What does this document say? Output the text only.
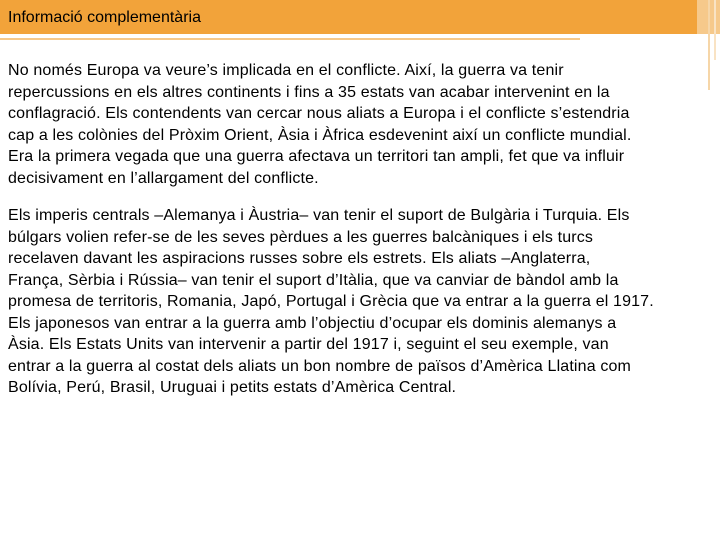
Informació complementària

No només Europa va veure’s implicada en el conflicte. Així, la guerra va tenir
repercussions en els altres continents i fins a 35 estats van acabar intervenint en la
conflagració. Els contendents van cercar nous aliats a Europa i el conflicte s’estendria
cap a les colònies del Pròxim Orient, Àsia i Àfrica esdevenint així un conflicte mundial.
Era la primera vegada que una guerra afectava un territori tan ampli, fet que va influir
decisivament en l’allargament del conflicte.

Els imperis centrals –Alemanya i Àustria– van tenir el suport de Bulgària i Turquia. Els
búlgars volien refer-se de les seves pèrdues a les guerres balcàniques i els turcs
recelaven davant les aspiracions russes sobre els estrets. Els aliats –Anglaterra,
França, Sèrbia i Rússia– van tenir el suport d’Itàlia, que va canviar de bàndol amb la
promesa de territoris, Romania, Japó, Portugal i Grècia que va entrar a la guerra el 1917.
Els japonesos van entrar a la guerra amb l’objectiu d’ocupar els dominis alemanys a
Àsia. Els Estats Units van intervenir a partir del 1917 i, seguint el seu exemple, van
entrar a la guerra al costat dels aliats un bon nombre de països d’Amèrica Llatina com
Bolívia, Perú, Brasil, Uruguai i petits estats d’Amèrica Central.
